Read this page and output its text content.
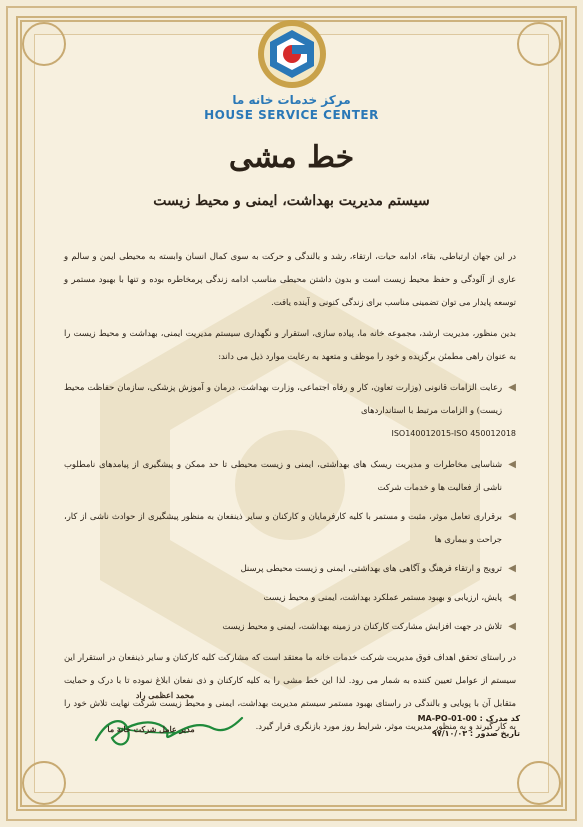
مرکز خدمات خانه ما
HOUSE SERVICE CENTER
خط مشی
سیستم مدیریت بهداشت، ایمنی و محیط زیست

در این جهان ارتباطی، بقاء، ادامه حیات، ارتقاء، رشد و بالندگی و حرکت به سوی کمال انسان وابسته به محیطی ایمن و سالم و عاری از آلودگی و حفظ محیط زیست است و بدون داشتن محیطی مناسب ادامه زندگی پرمخاطره بوده و تنها با بهبود مستمر و توسعه پایدار می توان تضمینی مناسب برای زندگی کنونی و آینده یافت.

بدین منظور، مدیریت ارشد، مجموعه خانه ما، پیاده سازی، استقرار و نگهداری سیستم مدیریت ایمنی، بهداشت و محیط زیست را به عنوان راهی مطمئن برگزیده و خود را موظف و متعهد به رعایت موارد ذیل می داند:

◀
رعایت الزامات قانونی (وزارت تعاون، کار و رفاه اجتماعی، وزارت بهداشت، درمان و آموزش پزشکی، سازمان حفاظت محیط زیست) و الزامات مرتبط با استانداردهای
ISO140012015-ISO 450012018
◀
شناسایی مخاطرات و مدیریت ریسک های بهداشتی، ایمنی و زیست محیطی تا حد ممکن و پیشگیری از پیامدهای نامطلوب ناشی از فعالیت ها و خدمات شرکت
◀
برقراری تعامل موثر، مثبت و مستمر با کلیه کارفرمایان و کارکنان و سایر ذینفعان به منظور پیشگیری از حوادث ناشی از کار، جراحت و بیماری ها
◀
ترویج و ارتقاء فرهنگ و آگاهی های بهداشتی، ایمنی و زیست محیطی پرسنل
◀
پایش، ارزیابی و بهبود مستمر عملکرد بهداشت، ایمنی و محیط زیست
◀
تلاش در جهت افزایش مشارکت کارکنان در زمینه بهداشت، ایمنی و محیط زیست

در راستای تحقق اهداف فوق مدیریت شرکت خدمات خانه ما معتقد است که مشارکت کلیه کارکنان و سایر ذینفعان در استقرار این سیستم از عوامل تعیین کننده به شمار می رود. لذا این خط مشی را به کلیه کارکنان و ذی نفعان ابلاغ نموده تا با درک و حمایت متقابل آن با پویایی و بالندگی در راستای بهبود مستمر سیستم مدیریت بهداشت، ایمنی و محیط زیست شرکت نهایت تلاش خود را به کار گیرند و به منظور مدیریت موثر، شرایط روز مورد بازنگری قرار گیرد.

کد مدرک : MA-PO-01-00
تاریخ صدور : ۹۷/۱۰/۰۳
محمد اعظمی راد
مدیر عامل شرکت خانه ما
